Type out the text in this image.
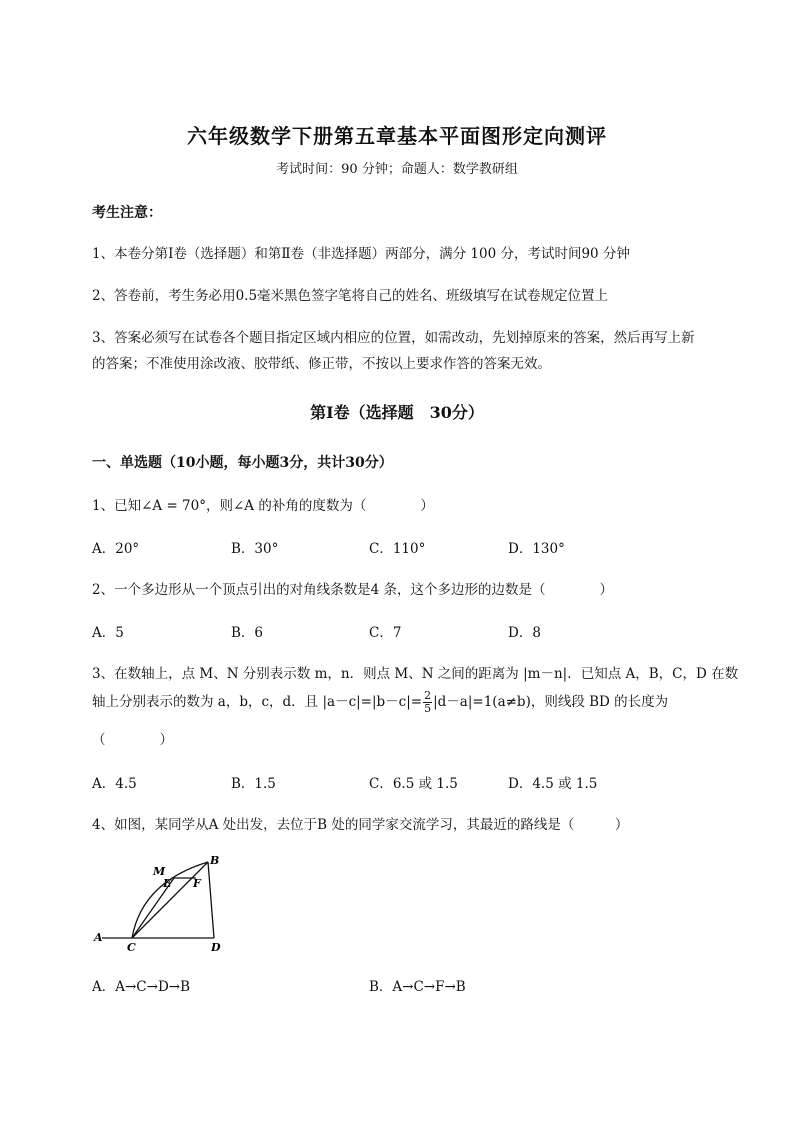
六年级数学下册第五章基本平面图形定向测评
考试时间：90 分钟；命题人：数学教研组
考生注意：
1、本卷分第Ⅰ卷（选择题）和第Ⅱ卷（非选择题）两部分，满分 100 分，考试时间90 分钟
2、答卷前，考生务必用0.5毫米黑色签字笔将自己的姓名、班级填写在试卷规定位置上
3、答案必须写在试卷各个题目指定区域内相应的位置，如需改动，先划掉原来的答案，然后再写上新
的答案；不准使用涂改液、胶带纸、修正带，不按以上要求作答的答案无效。
第Ⅰ卷（选择题　30分）
一、单选题（10小题，每小题3分，共计30分）
1、已知∠A = 70°，则∠A 的补角的度数为（　　　　）
A．20°	B．30°	C．110°	D．130°
2、一个多边形从一个顶点引出的对角线条数是4 条，这个多边形的边数是（　　　　）
A．5	B．6	C．7	D．8
3、在数轴上，点 M、N 分别表示数 m，n．则点 M、N 之间的距离为 |m－n|．已知点 A，B，C，D 在数
轴上分别表示的数为 a，b，c，d．且 $|a-c|=|b-c|= \frac{2}{5} |d-a|=1(a\ne b)$，则线段 BD 的长度为
（　　　　）
A．4.5	B．1.5	C．6.5 或 1.5	D．4.5 或 1.5
4、如图，某同学从A 处出发，去位于B 处的同学家交流学习，其最近的路线是（　　　）
A
B
C	D
E F
M
A．A→C→D→B	B．A→C→F→B
